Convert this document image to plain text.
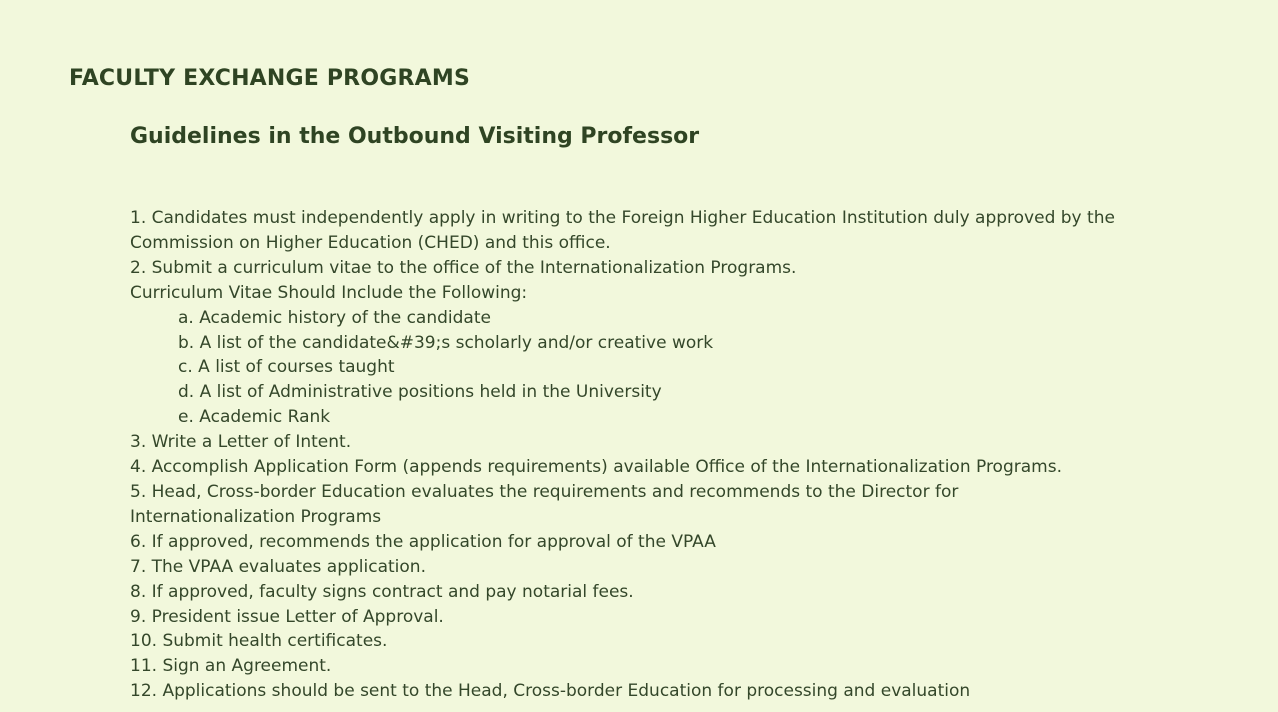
FACULTY EXCHANGE PROGRAMS
Guidelines in the Outbound Visiting Professor
1. Candidates must independently apply in writing to the Foreign Higher Education Institution duly approved by the
Commission on Higher Education (CHED) and this office.
2. Submit a curriculum vitae to the office of the Internationalization Programs.
Curriculum Vitae Should Include the Following:
a. Academic history of the candidate
b. A list of the candidate&#39;s scholarly and/or creative work
c. A list of courses taught
d. A list of Administrative positions held in the University
e. Academic Rank
3. Write a Letter of Intent.
4. Accomplish Application Form (appends requirements) available Office of the Internationalization Programs.
5. Head, Cross-border Education evaluates the requirements and recommends to the Director for
Internationalization Programs
6. If approved, recommends the application for approval of the VPAA
7. The VPAA evaluates application.
8. If approved, faculty signs contract and pay notarial fees.
9. President issue Letter of Approval.
10. Submit health certificates.
11. Sign an Agreement.
12. Applications should be sent to the Head, Cross-border Education for processing and evaluation
